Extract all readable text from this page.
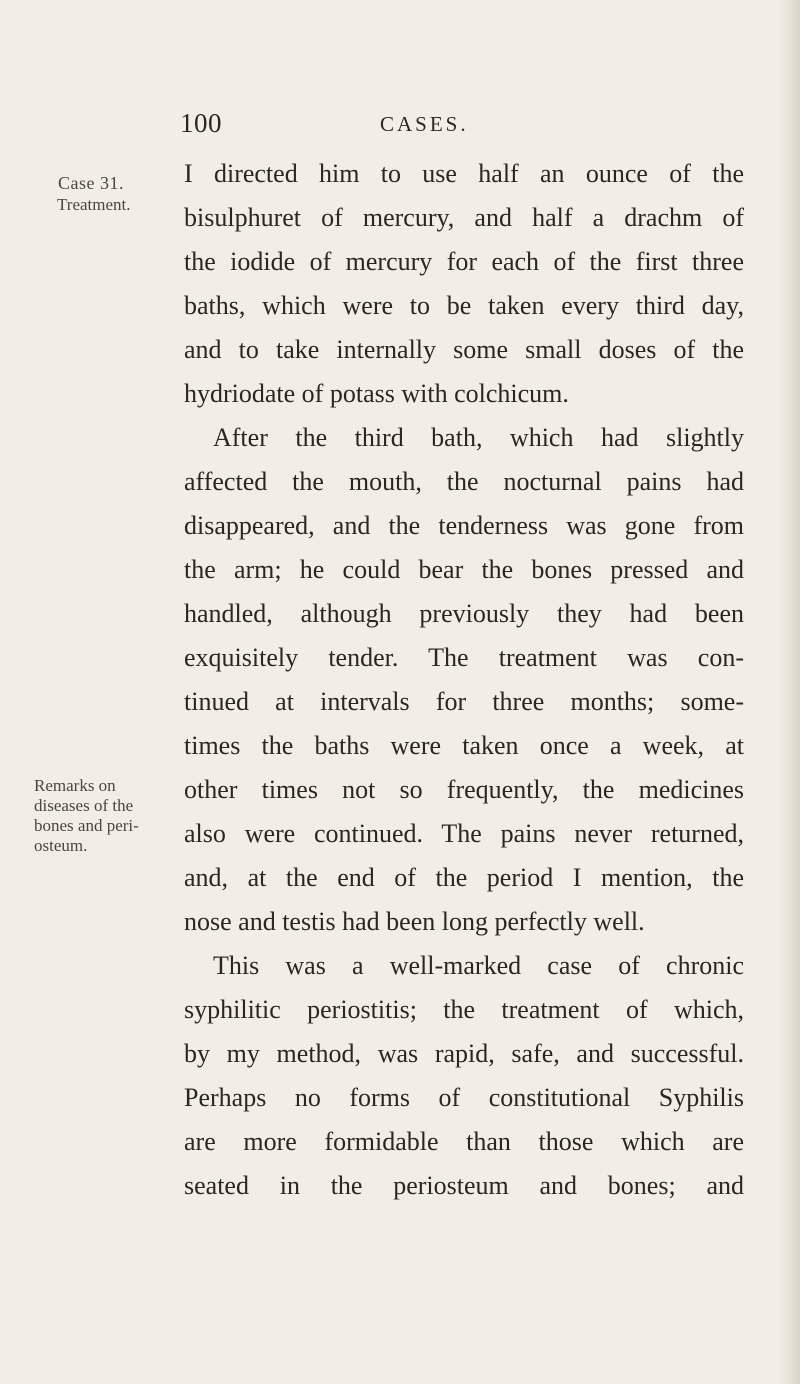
100	CASES.
Case 31.
Treatment.
Remarks on
diseases of the
bones and peri-
osteum.
I directed him to use half an ounce of the
bisulphuret of mercury, and half a drachm of
the iodide of mercury for each of the first three
baths, which were to be taken every third day,
and to take internally some small doses of the
hydriodate of potass with colchicum.
After the third bath, which had slightly
affected the mouth, the nocturnal pains had
disappeared, and the tenderness was gone from
the arm; he could bear the bones pressed and
handled, although previously they had been
exquisitely tender. The treatment was con-
tinued at intervals for three months; some-
times the baths were taken once a week, at
other times not so frequently, the medicines
also were continued. The pains never returned,
and, at the end of the period I mention, the
nose and testis had been long perfectly well.
This was a well-marked case of chronic
syphilitic periostitis; the treatment of which,
by my method, was rapid, safe, and successful.
Perhaps no forms of constitutional Syphilis
are more formidable than those which are
seated in the periosteum and bones; and
